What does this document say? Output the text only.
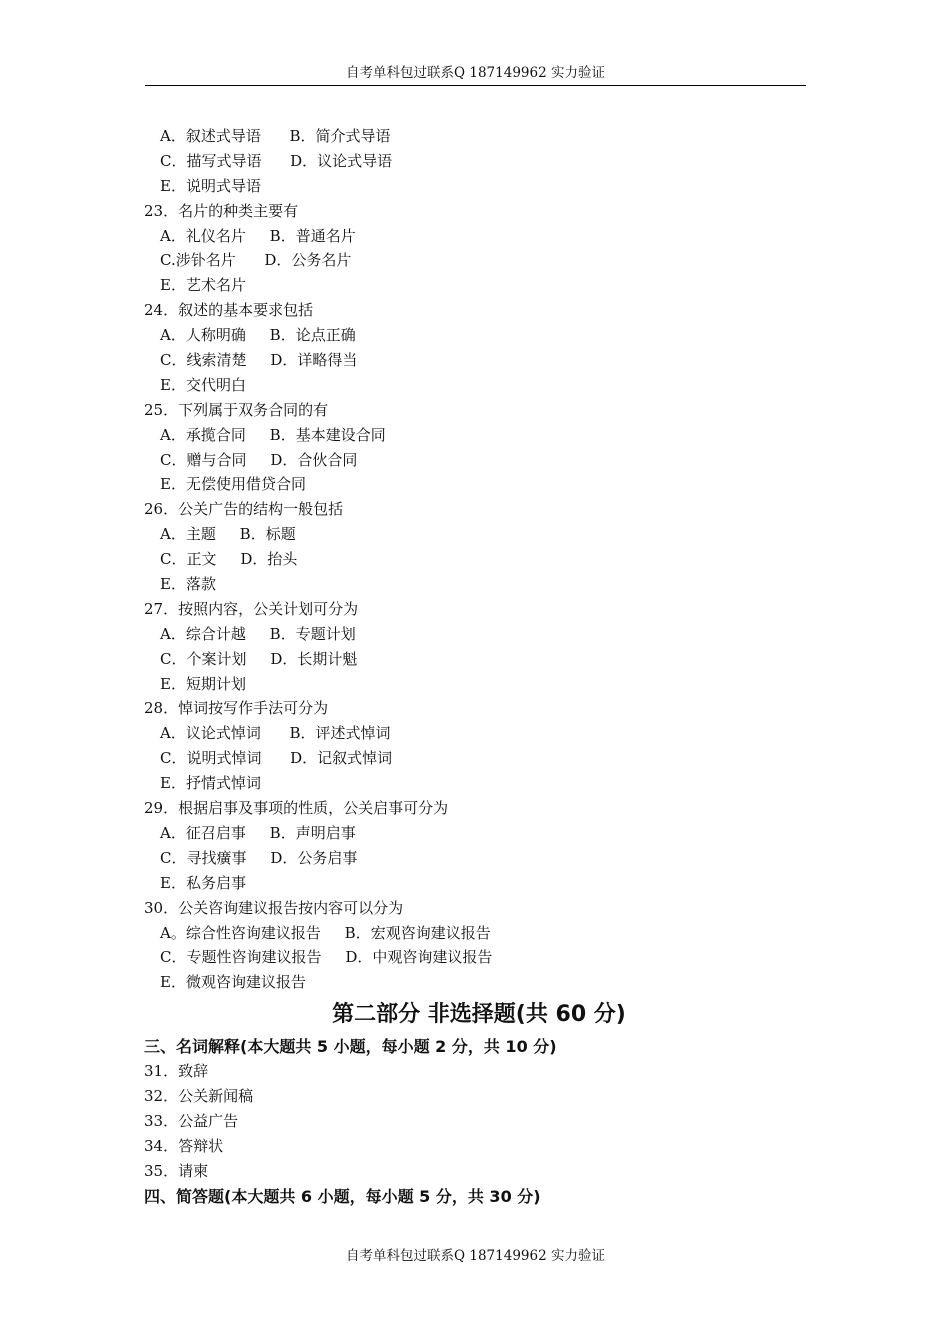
自考单科包过联系Q 187149962 实力验证
A．叙述式导语      B．简介式导语
C．描写式导语      D．议论式导语
E．说明式导语
23．名片的种类主要有
A．礼仪名片     B．普通名片
C.涉钋名片      D．公务名片
E．艺术名片
24．叙述的基本要求包括
A．人称明确     B．论点正确
C．线索清楚     D．详略得当
E．交代明白
25．下列属于双务合同的有
A．承揽合同     B．基本建设合同
C．赠与合同     D．合伙合同
E．无偿使用借贷合同
26．公关广告的结构一般包括
A．主题     B．标题
C．正文     D．抬头
E．落款
27．按照内容，公关计划可分为
A．综合计越     B．专题计划
C．个案计划     D．长期计魁
E．短期计划
28．悼词按写作手法可分为
A．议论式悼词      B．评述式悼词
C．说明式悼词      D．记叙式悼词
E．抒情式悼词
29．根据启事及事项的性质，公关启事可分为
A．征召启事     B．声明启事
C．寻找癀事     D．公务启事
E．私务启事
30．公关咨询建议报告按内容可以分为
A。综合性咨询建议报告     B．宏观咨询建议报告
C．专题性咨询建议报告     D．中观咨询建议报告
E．微观咨询建议报告
第二部分 非选择题(共 60 分)
三、名词解释(本大题共 5 小题，每小题 2 分，共 10 分)
31．致辞
32．公关新闻稿
33．公益广告
34．答辩状
35．请柬
四、简答题(本大题共 6 小题，每小题 5 分，共 30 分)
自考单科包过联系Q 187149962 实力验证
